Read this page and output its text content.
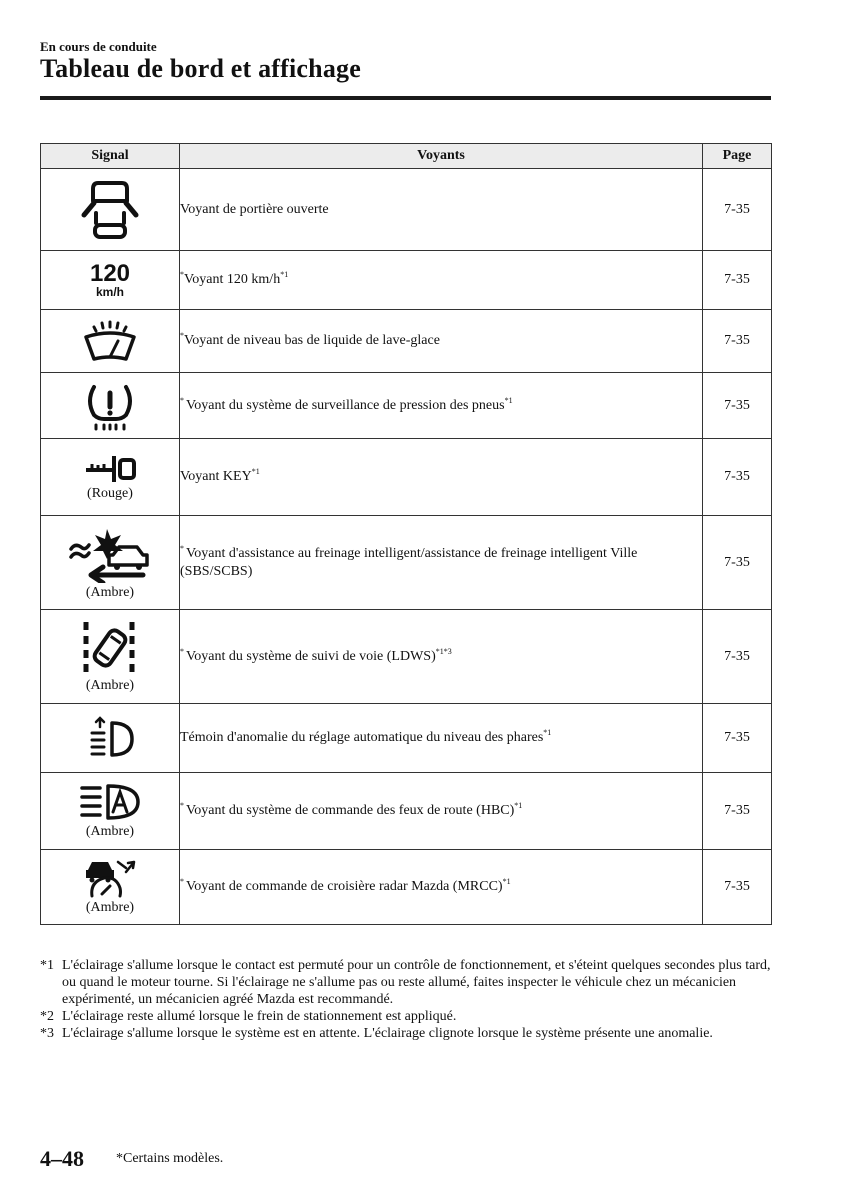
En cours de conduite
Tableau de bord et affichage
Signal	Voyants	Page

	Voyant de portière ouverte	7-35

120
km/h	*Voyant 120 $km/h^{*1}$	7-35

	*Voyant de niveau bas de liquide de lave-glace	7-35

	* Voyant du système de surveillance de pression des pneus$^{*1}$	7-35

(Rouge)	Voyant KEY$^{*1}$	7-35

(Ambre)	* Voyant d'assistance au freinage intelligent/assistance de freinage intelligent Ville (SBS/SCBS)	7-35

(Ambre)	* Voyant du système de suivi de voie (LDWS)$^{*1*3}$	7-35

	Témoin d'anomalie du réglage automatique du niveau des phares$^{*1}$	7-35

(Ambre)	* Voyant du système de commande des feux de route (HBC)$^{*1}$	7-35

(Ambre)	* Voyant de commande de croisière radar Mazda (MRCC)$^{*1}$	7-35
*1 L'éclairage s'allume lorsque le contact est permuté pour un contrôle de fonctionnement, et s'éteint quelques secondes plus tard, ou quand le moteur tourne. Si l'éclairage ne s'allume pas ou reste allumé, faites inspecter le véhicule chez un mécanicien expérimenté, un mécanicien agréé Mazda est recommandé.
*2 L'éclairage reste allumé lorsque le frein de stationnement est appliqué.
*3 L'éclairage s'allume lorsque le système est en attente. L'éclairage clignote lorsque le système présente une anomalie.
4–48 *Certains modèles.
